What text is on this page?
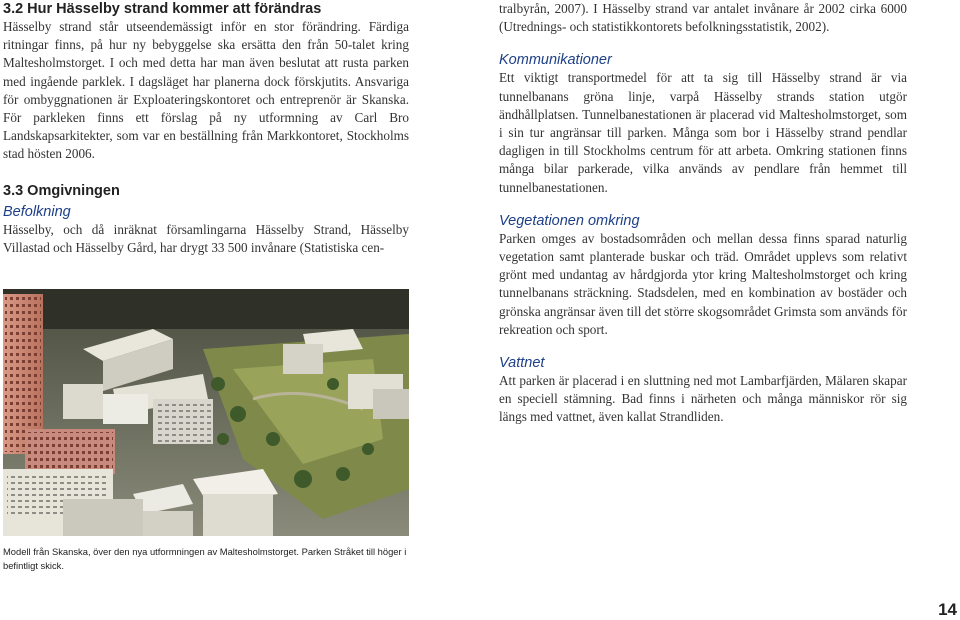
3.2 Hur Hässelby strand kommer att förändras

Hässelby strand står utseendemässigt inför en stor förändring. Färdiga ritningar finns, på hur ny bebyggelse ska ersätta den från 50-talet kring Maltesholmstorget. I och med detta har man även beslutat att rusta parken med ingående parklek. I dagsläget har planerna dock förskjutits. Ansvariga för ombyggnationen är Exploateringskontoret och entreprenör är Skanska. För parkleken finns ett förslag på ny utformning av Carl Bro Landskapsarkitekter, som var en beställning från Markkontoret, Stockholms stad hösten 2006.

3.3 Omgivningen
Befolkning

Hässelby, och då inräknat församlingarna Hässelby Strand, Hässelby Villastad och Hässelby Gård, har drygt 33 500 invånare (Statistiska cen-

Modell från Skanska, över den nya utformningen av Maltesholmstorget. Parken Stråket till höger i befintligt skick.

tralbyrån, 2007). I Hässelby strand var antalet invånare år 2002 cirka 6000 (Utrednings- och statistikkontorets befolkningsstatistik, 2002).

Kommunikationer

Ett viktigt transportmedel för att ta sig till Hässelby strand är via tunnelbanans gröna linje, varpå Hässelby strands station utgör ändhållplatsen. Tunnelbanestationen är placerad vid Maltesholmstorget, som i sin tur angränsar till parken. Många som bor i Hässelby strand pendlar dagligen in till Stockholms centrum för att arbeta. Omkring stationen finns många bilar parkerade, vilka används av pendlare från hemmet till tunnelbanestationen.

Vegetationen omkring

Parken omges av bostadsområden och mellan dessa finns sparad naturlig vegetation samt planterade buskar och träd. Området upplevs som relativt grönt med undantag av hårdgjorda ytor kring Maltesholmstorget och kring tunnelbanans sträckning. Stadsdelen, med en kombination av bostäder och grönska angränsar även till det större skogsområdet Grimsta som används för rekreation och sport.

Vattnet

Att parken är placerad i en sluttning ned mot Lambarfjärden, Mälaren skapar en speciell stämning. Bad finns i närheten och många människor rör sig längs med vattnet, även kallat Strandliden.

14
